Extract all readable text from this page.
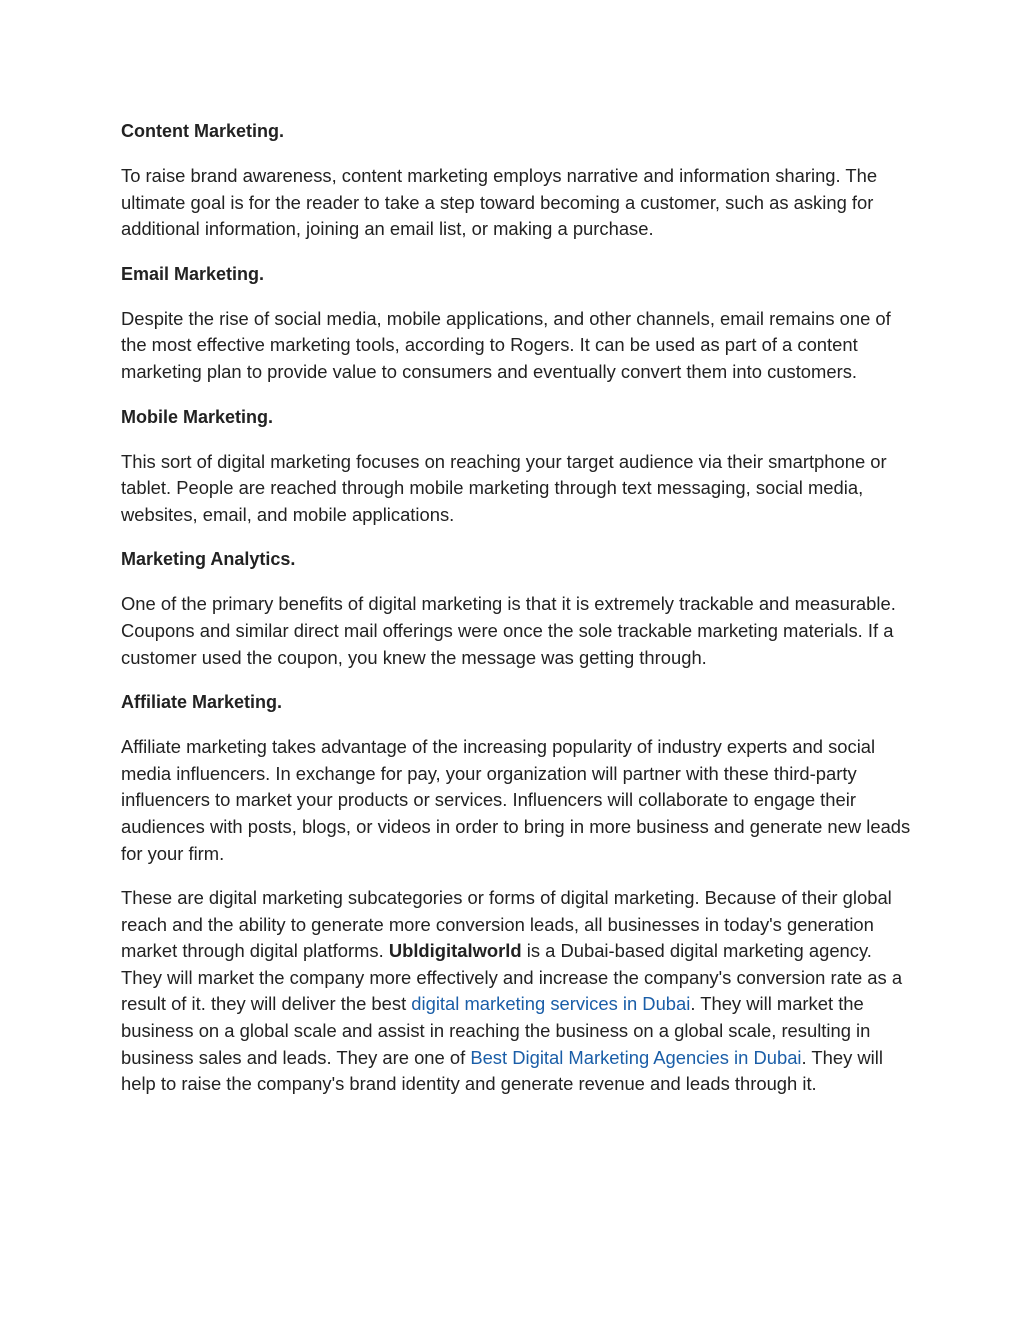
Content Marketing.

To raise brand awareness, content marketing employs narrative and information sharing. The ultimate goal is for the reader to take a step toward becoming a customer, such as asking for additional information, joining an email list, or making a purchase.

Email Marketing.

Despite the rise of social media, mobile applications, and other channels, email remains one of the most effective marketing tools, according to Rogers. It can be used as part of a content marketing plan to provide value to consumers and eventually convert them into customers.

Mobile Marketing.

This sort of digital marketing focuses on reaching your target audience via their smartphone or tablet. People are reached through mobile marketing through text messaging, social media, websites, email, and mobile applications.

Marketing Analytics.

One of the primary benefits of digital marketing is that it is extremely trackable and measurable. Coupons and similar direct mail offerings were once the sole trackable marketing materials. If a customer used the coupon, you knew the message was getting through.

Affiliate Marketing.

Affiliate marketing takes advantage of the increasing popularity of industry experts and social media influencers. In exchange for pay, your organization will partner with these third-party influencers to market your products or services. Influencers will collaborate to engage their audiences with posts, blogs, or videos in order to bring in more business and generate new leads for your firm.

These are digital marketing subcategories or forms of digital marketing. Because of their global reach and the ability to generate more conversion leads, all businesses in today's generation market through digital platforms. Ubldigitalworld is a Dubai-based digital marketing agency. They will market the company more effectively and increase the company's conversion rate as a result of it. they will deliver the best digital marketing services in Dubai. They will market the business on a global scale and assist in reaching the business on a global scale, resulting in business sales and leads. They are one of Best Digital Marketing Agencies in Dubai. They will help to raise the company's brand identity and generate revenue and leads through it.
